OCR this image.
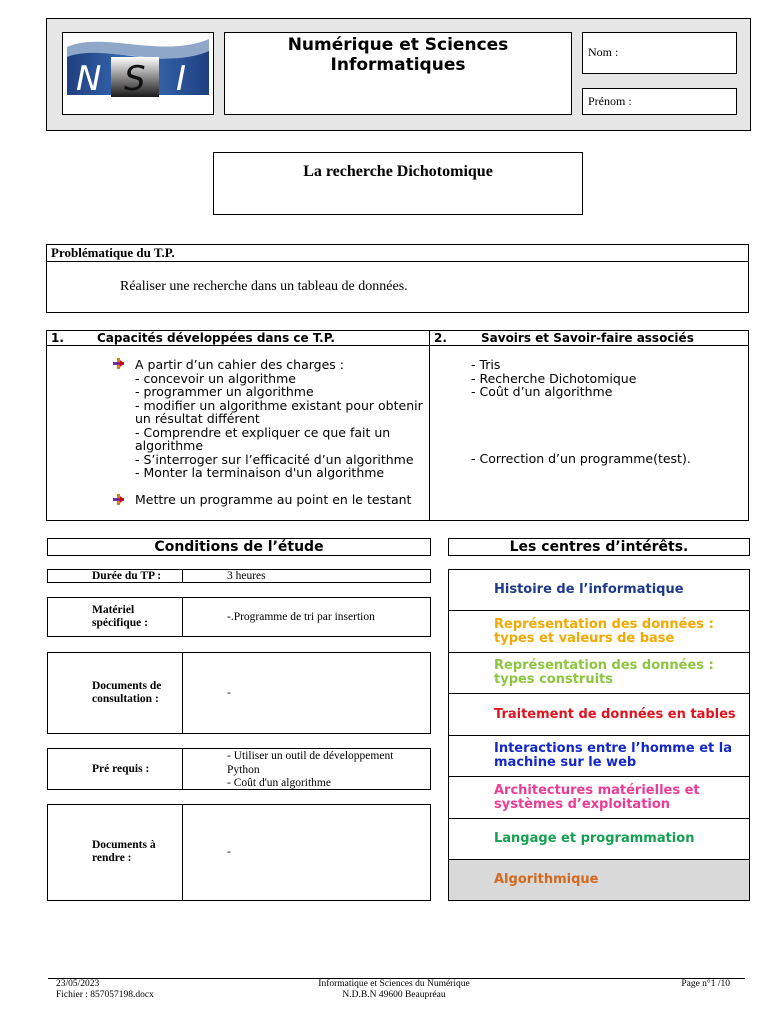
N S I
Numérique et Sciences
Informatiques
Nom :
Prénom :
La recherche Dichotomique
Problématique du T.P.
Réaliser une recherche dans un tableau de données.
1.	Capacités développées dans ce T.P.	2.	Savoirs et Savoir-faire associés
A partir d’un cahier des charges :
- concevoir un algorithme
- programmer un algorithme
- modifier un algorithme existant pour obtenir
un résultat différent
- Comprendre et expliquer ce que fait un
algorithme
- S’interroger sur l’efficacité d’un algorithme
- Monter la terminaison d'un algorithme
Mettre un programme au point en le testant
- Tris
- Recherche Dichotomique
- Coût d’un algorithme
- Correction d’un programme(test).
Conditions de l’étude
Durée du TP :	3 heures
Matériel spécifique :	-.Programme de tri par insertion
Documents de consultation :	-
Pré requis :
- Utiliser un outil de développement Python
- Coût d'un algorithme
Documents à rendre :	-
Les centres d’intérêts.
Histoire de l’informatique
Représentation des données : types et valeurs de base
Représentation des données : types construits
Traitement de données en tables
Interactions entre l’homme et la machine sur le web
Architectures matérielles et systèmes d’exploitation
Langage et programmation
Algorithmique
23/05/2023
Fichier : 857057198.docx
Informatique et Sciences du Numérique
N.D.B.N 49600 Beaupréau
Page n°1 /10
